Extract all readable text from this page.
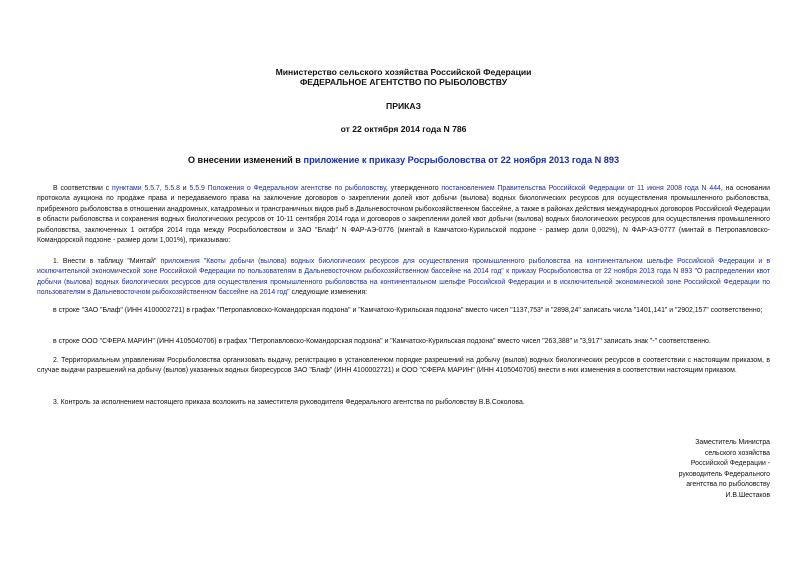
Министерство сельского хозяйства Российской Федерации
ФЕДЕРАЛЬНОЕ АГЕНТСТВО ПО РЫБОЛОВСТВУ
ПРИКАЗ
от 22 октября 2014 года N 786
О внесении изменений в приложение к приказу Росрыболовства от 22 ноября 2013 года N 893
В соответствии с пунктами 5.5.7, 5.5.8 и 5.5.9 Положения о Федеральном агентстве по рыболовству, утвержденного постановлением Правительства Российской Федерации от 11 июня 2008 года N 444, на основании протокола аукциона по продаже права и передаваемого права на заключение договоров о закреплении долей квот добычи (вылова) водных биологических ресурсов для осуществления промышленного рыболовства, прибрежного рыболовства в отношении анадромных, катадромных и трансграничных видов рыб в Дальневосточном рыбохозяйственном бассейне, а также в районах действия международных договоров Российской Федерации в области рыболовства и сохранения водных биологических ресурсов от 10-11 сентября 2014 года и договоров о закреплении долей квот добычи (вылова) водных биологических ресурсов для осуществления промышленного рыболовства, заключенных 1 октября 2014 года между Росрыболовством и ЗАО "Блаф" N ФАР-АЭ-0776 (минтай в Камчатско-Курильской подзоне - размер доли 0,002%), N ФАР-АЭ-0777 (минтай в Петропавловско-Командорской подзоне - размер доли 1,001%), приказываю:
1. Внести в таблицу "Минтай" приложения "Квоты добычи (вылова) водных биологических ресурсов для осуществления промышленного рыболовства на континентальном шельфе Российской Федерации и в исключительной экономической зоне Российской Федерации по пользователям в Дальневосточном рыбохозяйственном бассейне на 2014 год" к приказу Росрыболовства от 22 ноября 2013 года N 893 "О распределении квот добычи (вылова) водных биологических ресурсов для осуществления промышленного рыболовства на континентальном шельфе Российской Федерации и в исключительной экономической зоне Российской Федерации по пользователям в Дальневосточном рыбохозяйственном бассейне на 2014 год" следующие изменения:
в строке "ЗАО "Блаф" (ИНН 4100002721) в графах "Петропавловско-Командорская подзона" и "Камчатско-Курильская подзона" вместо чисел "1137,753" и "2898,24" записать числа "1401,141" и "2902,157" соответственно;
в строке ООО "СФЕРА МАРИН" (ИНН 4105040706) в графах "Петропавловско-Командорская подзона" и "Камчатско-Курильская подзона" вместо чисел "263,388" и "3,917" записать знак "-" соответственно.
2. Территориальным управлениям Росрыболовства организовать выдачу, регистрацию в установленном порядке разрешений на добычу (вылов) водных биологических ресурсов в соответствии с настоящим приказом, в случае выдачи разрешений на добычу (вылов) указанных водных биоресурсов ЗАО "Блаф" (ИНН 4100002721) и ООО "СФЕРА МАРИН" (ИНН 4105040706) внести в них изменения в соответствии настоящим приказом.
3. Контроль за исполнением настоящего приказа возложить на заместителя руководителя Федерального агентства по рыболовству В.В.Соколова.
Заместитель Министра
сельского хозяйства
Российской Федерации -
руководитель Федерального
агентства по рыболовству
И.В.Шестаков
